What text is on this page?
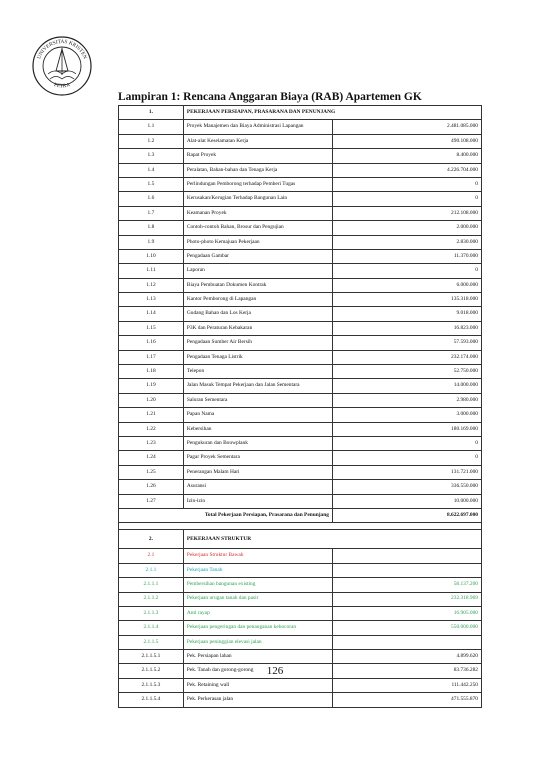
UNIVERSITAS KRISTEN
PETRA
Lampiran 1: Rencana Anggaran Biaya (RAB) Apartemen GK
1.	PEKERJAAN PERSIAPAN, PRASARANA DAN PENUNJANG	
1.1	Proyek Manajemen dan Biaya Administrasi Lapangan	2.481.085.000
1.2	Alat-alat Keselamatan Kerja	490.108.000
1.3	Rapat Proyek	8.400.000
1.4	Peralatan, Bahan-bahan dan Tenaga Kerja	4.226.704.000
1.5	Perlindungan Pemborong terhadap Pemberi Tugas	0
1.6	Kerusakan/Kerugian Terhadap Bangunan Lain	0
1.7	Keamanan Proyek	212.108.000
1.8	Contoh-contoh Bahan, Brosur dan Pengujian	2.000.000
1.9	Photo-photo Kemajuan Pekerjaan	2.830.000
1.10	Pengadaan Gambar	11.370.000
1.11	Laporan	0
1.12	Biaya Pembuatan Dokumen Kontrak	6.000.000
1.13	Kantor Pemborong di Lapangan	135.318.000
1.14	Gudang Bahan dan Los Kerja	9.018.000
1.15	P3K dan Peraturan Kebakaran	16.823.000
1.16	Pengadaan Sumber Air Bersih	57.593.000
1.17	Pengadaan Tenaga Listrik	232.174.000
1.18	Telepon	52.750.000
1.19	Jalan Masuk Tempat Pekerjaan dan Jalan Sementara	14.000.000
1.20	Saluran Sementara	2.980.000
1.21	Papan Nama	3.000.000
1.22	Kebersihan	180.169.000
1.23	Pengukuran dan Bouwplank	0
1.24	Pagar Proyek Sementara	0
1.25	Penerangan Malam Hari	131.721.000
1.26	Asuransi	336.550.000
1.27	Izin-izin	10.000.000
Total Pekerjaan Persiapan, Prasarana dan Penunjang		8.622.697.000

2.	PEKERJAAN STRUKTUR	
2.1	Pekerjaan Struktur Bawah	
2.1.1	Pekerjaan Tanah	
2.1.1.1	Pembersihan bangunan existing	58.137.200
2.1.1.2	Pekerjaan urugan tanah dan pasir	232.318.969
2.1.1.3	Anti rayap	16.905.000
2.1.1.4	Pekerjaan pengeringan dan penanganan kebocoran	550.000.000
2.1.1.5	Pekerjaan peninggian elevasi jalan	
2.1.1.5.1	Pek. Persiapan lahan	4.899.620
2.1.1.5.2	Pek. Tanah dan gorong-gorong	83.736.282
2.1.1.5.3	Pek. Retaining wall	111.442.250
2.1.1.5.4	Pek. Perkerasan jalan	471.555.870
126
